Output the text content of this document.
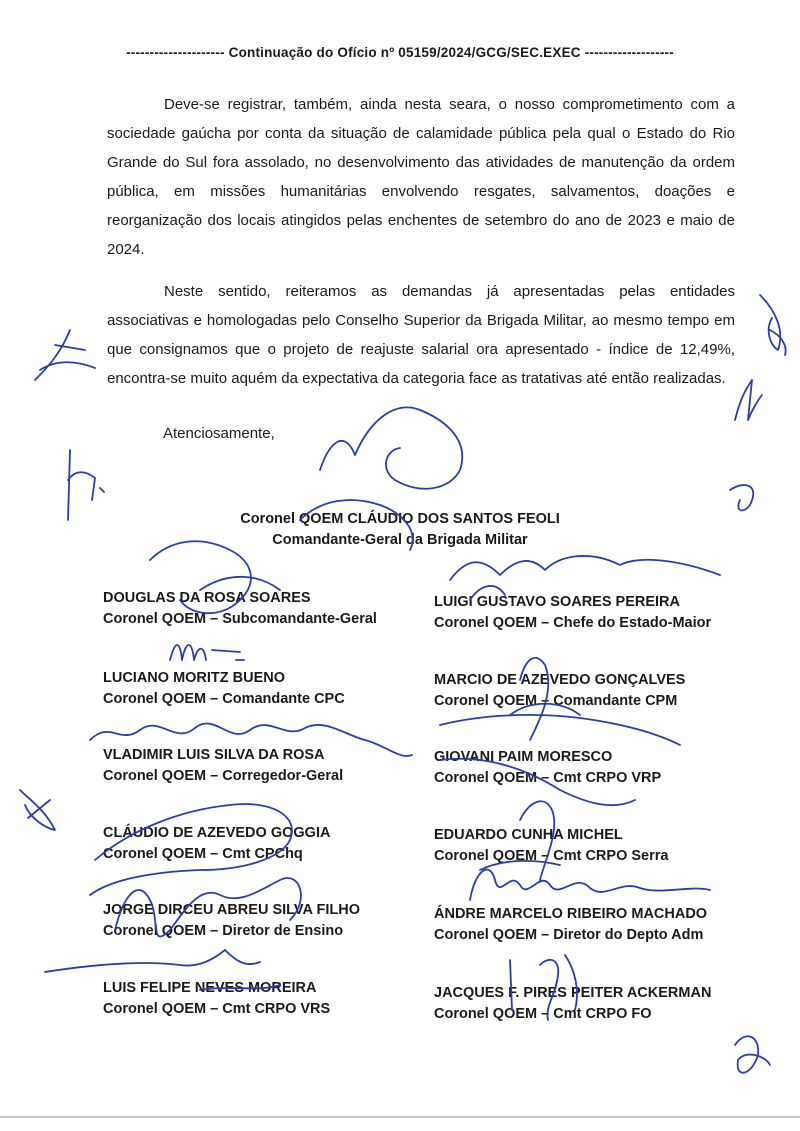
--------------------- Continuação do Ofício nº 05159/2024/GCG/SEC.EXEC -------------------

Deve-se registrar, também, ainda nesta seara, o nosso comprometimento com a sociedade gaúcha por conta da situação de calamidade pública pela qual o Estado do Rio Grande do Sul fora assolado, no desenvolvimento das atividades de manutenção da ordem pública, em missões humanitárias envolvendo resgates, salvamentos, doações e reorganização dos locais atingidos pelas enchentes de setembro do ano de 2023 e maio de 2024.

Neste sentido, reiteramos as demandas já apresentadas pelas entidades associativas e homologadas pelo Conselho Superior da Brigada Militar, ao mesmo tempo em que consignamos que o projeto de reajuste salarial ora apresentado - índice de 12,49%, encontra-se muito aquém da expectativa da categoria face as tratativas até então realizadas.

Atenciosamente,
Coronel QOEM CLÁUDIO DOS SANTOS FEOLI
Comandante-Geral da Brigada Militar
DOUGLAS DA ROSA SOARES
Coronel QOEM – Subcomandante-Geral
LUCIANO MORITZ BUENO
Coronel QOEM – Comandante CPC
VLADIMIR LUIS SILVA DA ROSA
Coronel QOEM – Corregedor-Geral
CLÁUDIO DE AZEVEDO GOGGIA
Coronel QOEM – Cmt CPChq
JORGE DIRCEU ABREU SILVA FILHO
Coronel QOEM – Diretor de Ensino
LUIS FELIPE NEVES MOREIRA
Coronel QOEM – Cmt CRPO VRS
LUIGI GUSTAVO SOARES PEREIRA
Coronel QOEM – Chefe do Estado-Maior
MARCIO DE AZEVEDO GONÇALVES
Coronel QOEM – Comandante CPM
GIOVANI PAIM MORESCO
Coronel QOEM – Cmt CRPO VRP
EDUARDO CUNHA MICHEL
Coronel QOEM – Cmt CRPO Serra
ÁNDRE MARCELO RIBEIRO MACHADO
Coronel QOEM – Diretor do Depto Adm
JACQUES F. PIRES PEITER ACKERMAN
Coronel QOEM – Cmt CRPO FO
